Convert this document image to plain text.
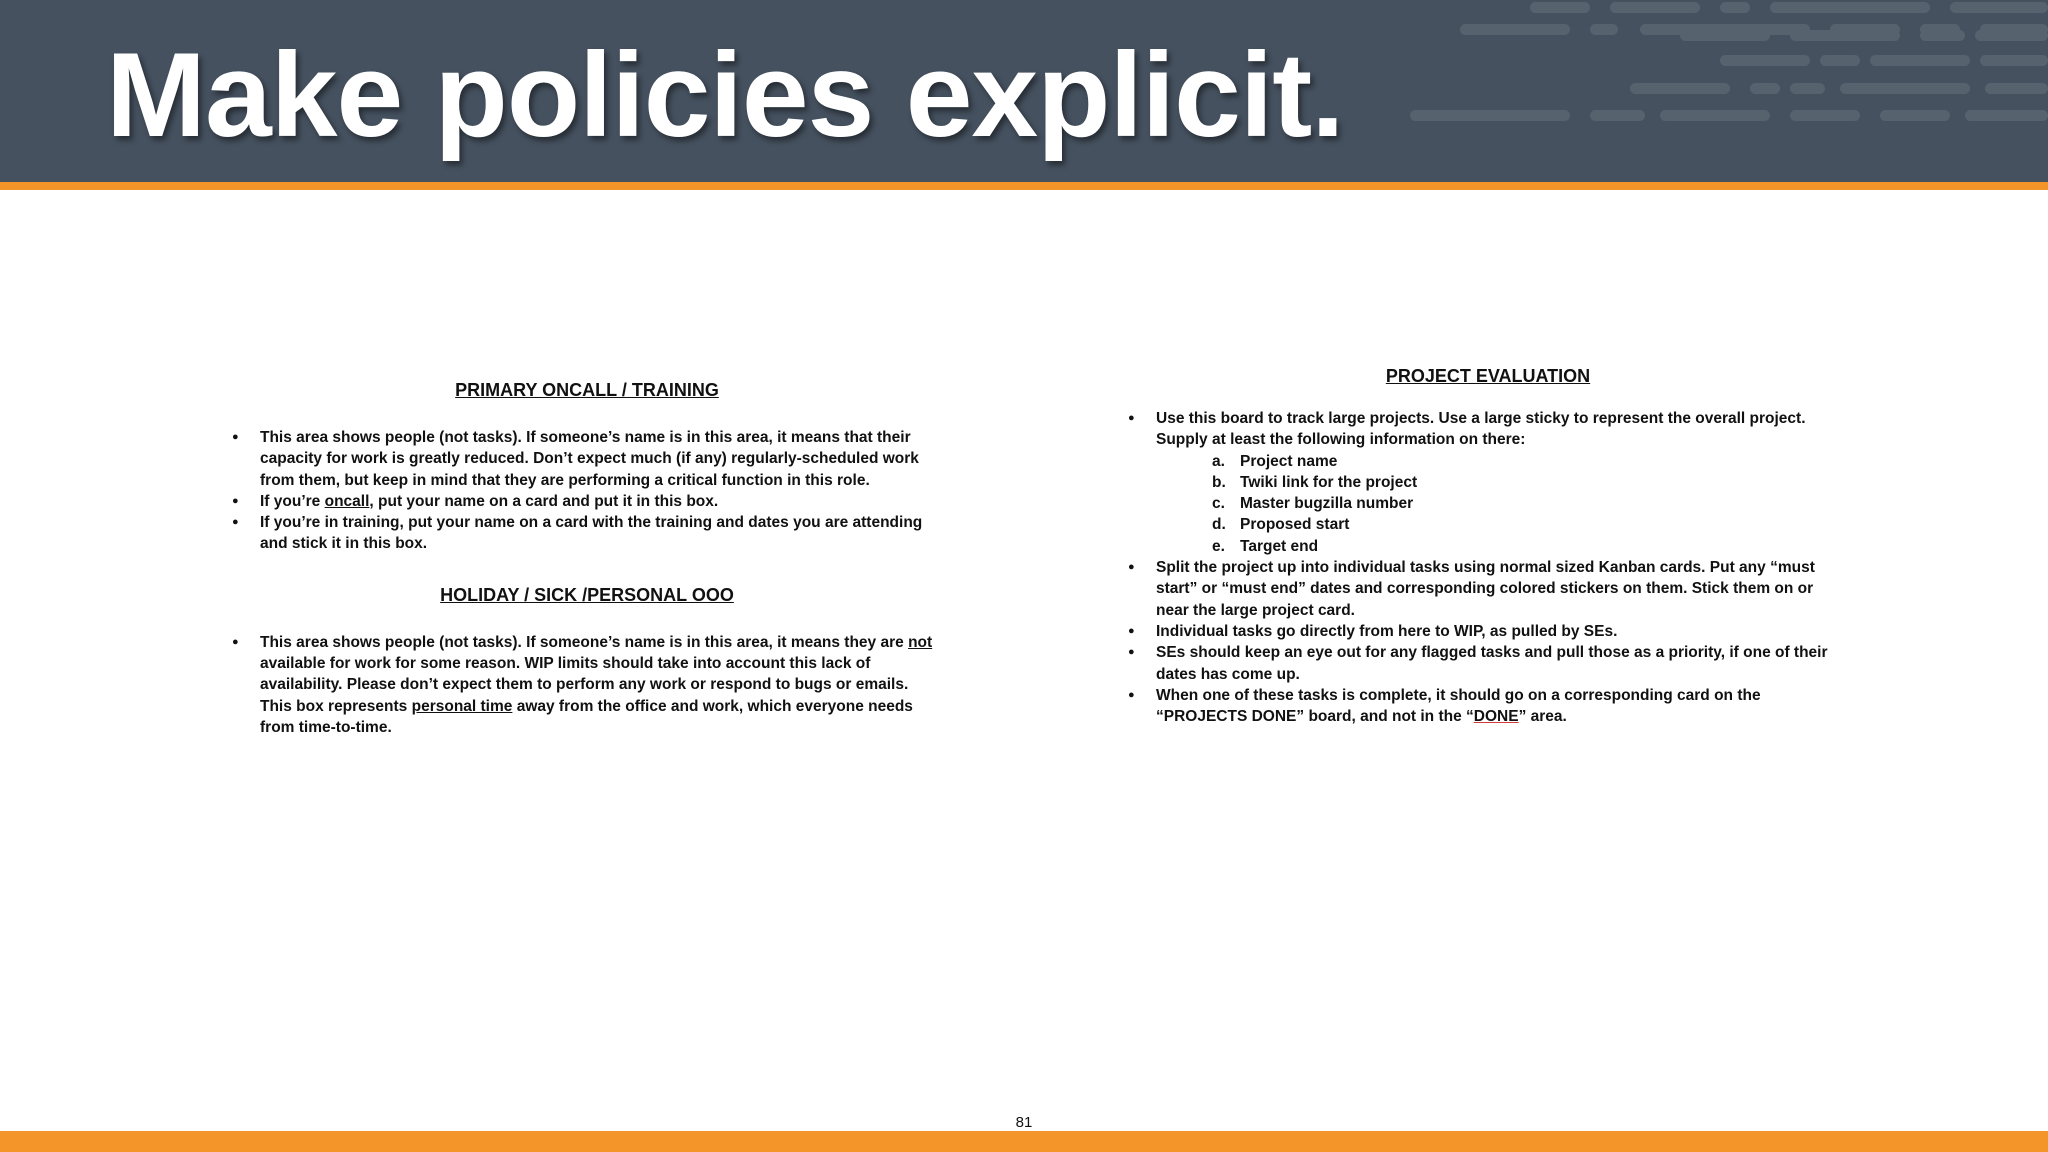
Make policies explicit.
PRIMARY ONCALL / TRAINING
● This area shows people (not tasks). If someone’s name is in this area, it means that their capacity for work is greatly reduced. Don’t expect much (if any) regularly-scheduled work from them, but keep in mind that they are performing a critical function in this role.
● If you’re oncall, put your name on a card and put it in this box.
● If you’re in training, put your name on a card with the training and dates you are attending and stick it in this box.
HOLIDAY / SICK /PERSONAL OOO
● This area shows people (not tasks). If someone’s name is in this area, it means they are not available for work for some reason. WIP limits should take into account this lack of availability. Please don’t expect them to perform any work or respond to bugs or emails. This box represents personal time away from the office and work, which everyone needs from time-to-time.
PROJECT EVALUATION
● Use this board to track large projects. Use a large sticky to represent the overall project. Supply at least the following information on there:
a. Project name
b. Twiki link for the project
c. Master bugzilla number
d. Proposed start
e. Target end
● Split the project up into individual tasks using normal sized Kanban cards. Put any “must start” or “must end” dates and corresponding colored stickers on them. Stick them on or near the large project card.
● Individual tasks go directly from here to WIP, as pulled by SEs.
● SEs should keep an eye out for any flagged tasks and pull those as a priority, if one of their dates has come up.
● When one of these tasks is complete, it should go on a corresponding card on the “PROJECTS DONE” board, and not in the “DONE” area.
81
